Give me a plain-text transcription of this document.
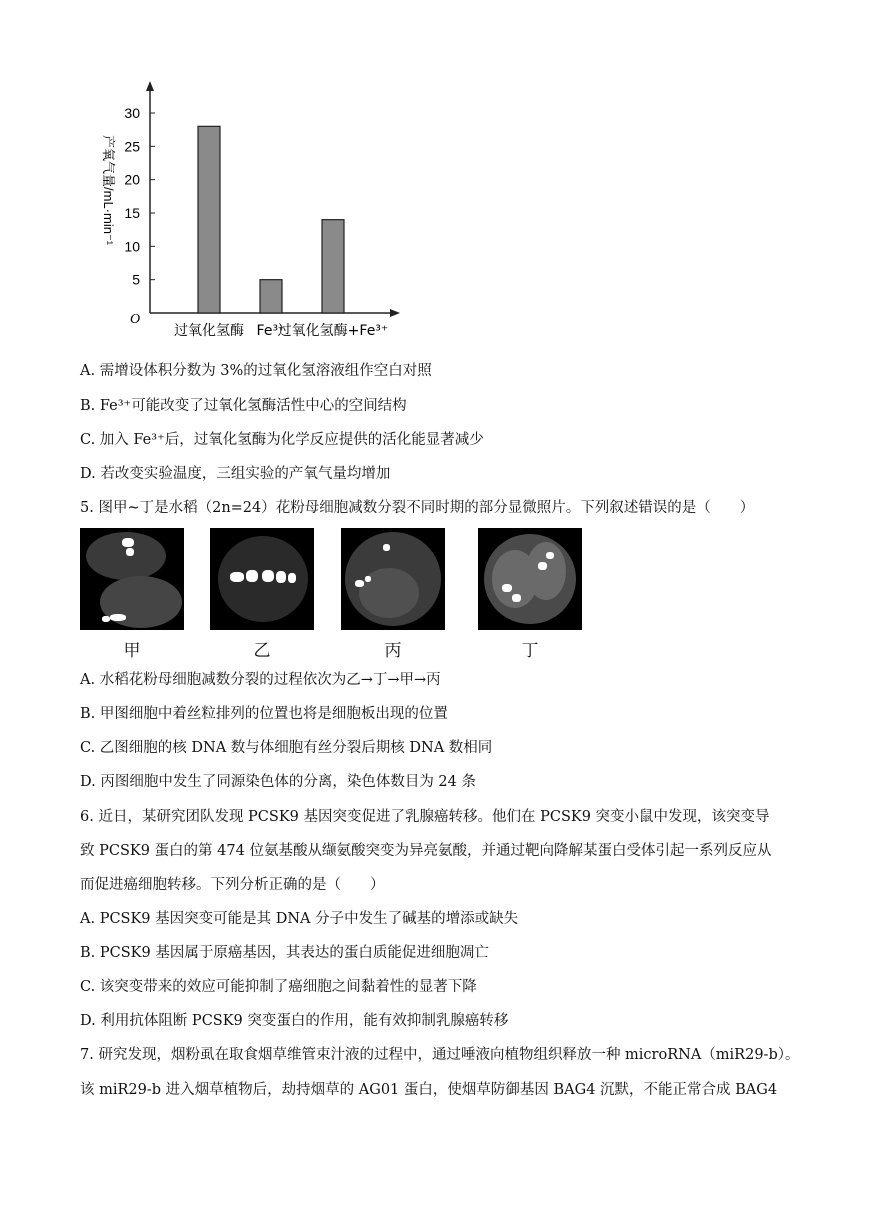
5
10
15
20
25
30
过氧化氢酶 Fe³⁺
过氧化氢酶+Fe³⁺
产氧气量/mL·min⁻¹
O
A. 需增设体积分数为 3%的过氧化氢溶液组作空白对照
B. Fe³⁺可能改变了过氧化氢酶活性中心的空间结构
C. 加入 Fe³⁺后，过氧化氢酶为化学反应提供的活化能显著减少
D. 若改变实验温度，三组实验的产氧气量均增加
5. 图甲~丁是水稻（2n=24）花粉母细胞减数分裂不同时期的部分显微照片。下列叙述错误的是（　　）
甲	乙	丙	丁
A. 水稻花粉母细胞减数分裂的过程依次为乙→丁→甲→丙
B. 甲图细胞中着丝粒排列的位置也将是细胞板出现的位置
C. 乙图细胞的核 DNA 数与体细胞有丝分裂后期核 DNA 数相同
D. 丙图细胞中发生了同源染色体的分离，染色体数目为 24 条
6. 近日，某研究团队发现 PCSK9 基因突变促进了乳腺癌转移。他们在 PCSK9 突变小鼠中发现，该突变导
致 PCSK9 蛋白的第 474 位氨基酸从缬氨酸突变为异亮氨酸，并通过靶向降解某蛋白受体引起一系列反应从
而促进癌细胞转移。下列分析正确的是（　　）
A. PCSK9 基因突变可能是其 DNA 分子中发生了碱基的增添或缺失
B. PCSK9 基因属于原癌基因，其表达的蛋白质能促进细胞凋亡
C. 该突变带来的效应可能抑制了癌细胞之间黏着性的显著下降
D. 利用抗体阻断 PCSK9 突变蛋白的作用，能有效抑制乳腺癌转移
7. 研究发现，烟粉虱在取食烟草维管束汁液的过程中，通过唾液向植物组织释放一种 microRNA（miR29-b）。
该 miR29-b 进入烟草植物后，劫持烟草的 AG01 蛋白，使烟草防御基因 BAG4 沉默，不能正常合成 BAG4
